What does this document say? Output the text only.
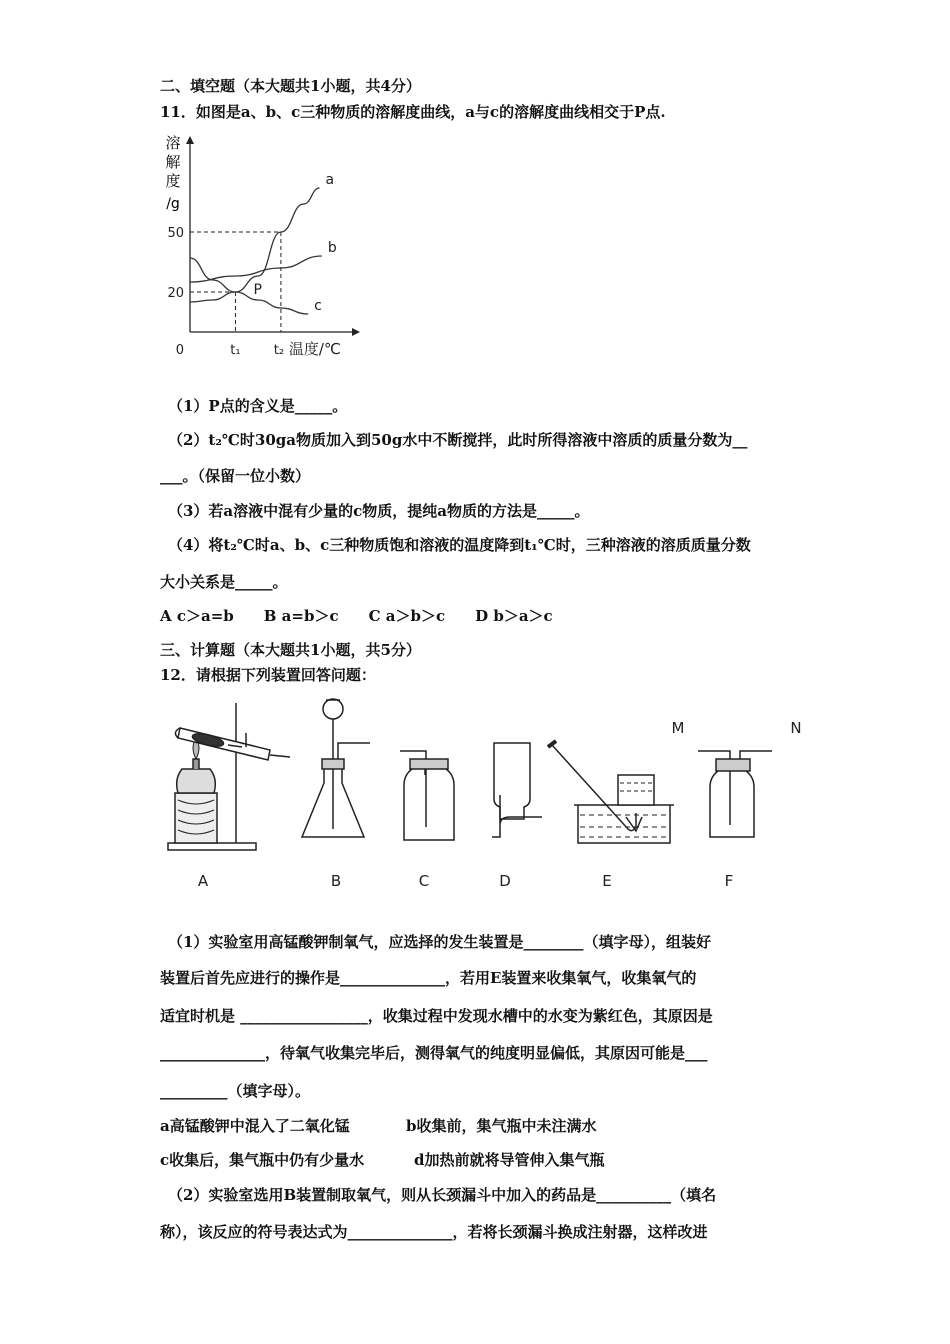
二、填空题（本大题共1小题，共4分）
11．如图是a、b、c三种物质的溶解度曲线，a与c的溶解度曲线相交于P点.
溶
解
度
/g
a
b
c
50
20
0	t₁	t₂ 温度/℃
P
（1）P点的含义是_____。
（2）t₂℃时30ga物质加入到50g水中不断搅拌，此时所得溶液中溶质的质量分数为__
___。（保留一位小数）
（3）若a溶液中混有少量的c物质，提纯a物质的方法是_____。
（4）将t₂℃时a、b、c三种物质饱和溶液的温度降到t₁℃时，三种溶液的溶质质量分数
大小关系是_____。
A c＞a=b B a=b＞c C a＞b＞c D b＞a＞c
三、计算题（本大题共1小题，共5分）
12．请根据下列装置回答问题：
A	B	C	D	E	F
M	N
（1）实验室用高锰酸钾制氧气，应选择的发生装置是________（填字母），组装好
装置后首先应进行的操作是______________，若用E装置来收集氧气，收集氧气的
适宜时机是 _________________，收集过程中发现水槽中的水变为紫红色，其原因是
______________，待氧气收集完毕后，测得氧气的纯度明显偏低，其原因可能是___
_________（填字母）。
a高锰酸钾中混入了二氧化锰	b收集前，集气瓶中未注满水
c收集后，集气瓶中仍有少量水	d加热前就将导管伸入集气瓶
（2）实验室选用B装置制取氧气，则从长颈漏斗中加入的药品是__________（填名
称），该反应的符号表达式为______________，若将长颈漏斗换成注射器，这样改进
